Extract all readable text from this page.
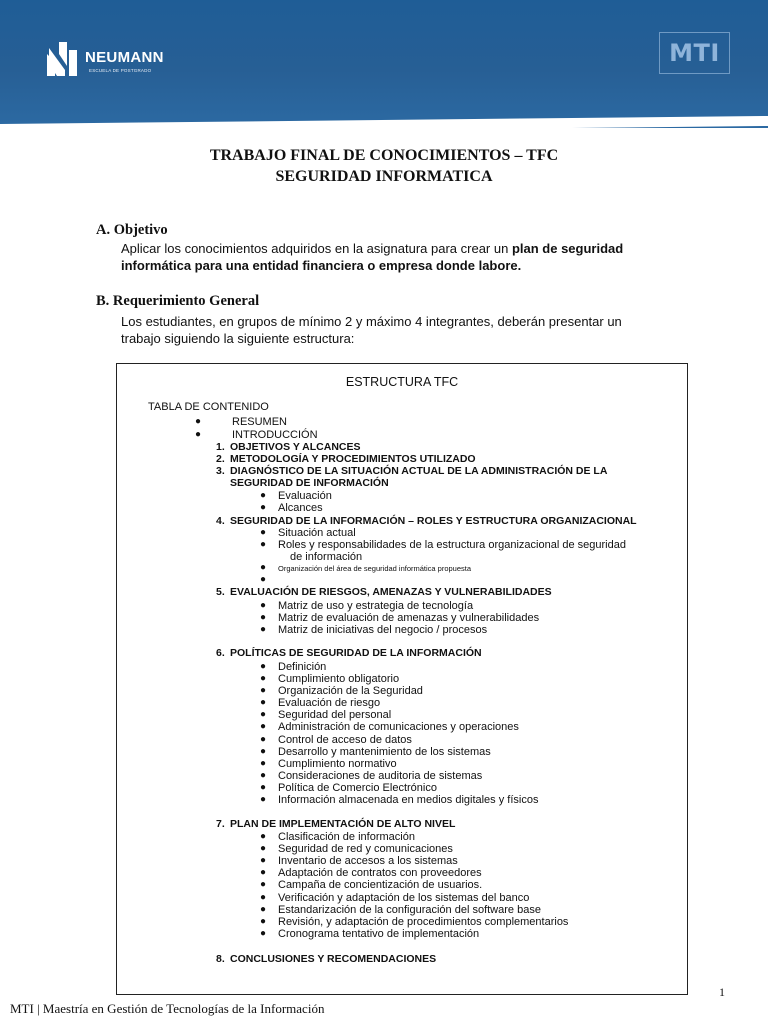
NEUMANN
ESCUELA DE POSTGRADO
MTI
TRABAJO FINAL DE CONOCIMIENTOS – TFC
SEGURIDAD INFORMATICA
A. Objetivo
Aplicar los conocimientos adquiridos en la asignatura para crear un plan de seguridad informática para una entidad financiera o empresa donde labore.
B. Requerimiento General
Los estudiantes, en grupos de mínimo 2 y máximo 4 integrantes, deberán presentar un trabajo siguiendo la siguiente estructura:
ESTRUCTURA TFC
TABLA DE CONTENIDO
●	RESUMEN
●	INTRODUCCIÓN
1. OBJETIVOS Y ALCANCES
2. METODOLOGÍA Y PROCEDIMIENTOS UTILIZADO
3. DIAGNÓSTICO DE LA SITUACIÓN ACTUAL DE LA ADMINISTRACIÓN DE LA
SEGURIDAD DE INFORMACIÓN
● Evaluación
● Alcances
4. SEGURIDAD DE LA INFORMACIÓN – ROLES Y ESTRUCTURA ORGANIZACIONAL
● Situación actual
● Roles y responsabilidades de la estructura organizacional de seguridad
de información
● Organización del área de seguridad informática propuesta
●
5. EVALUACIÓN DE RIESGOS, AMENAZAS Y VULNERABILIDADES
● Matriz de uso y estrategia de tecnología
● Matriz de evaluación de amenazas y vulnerabilidades
● Matriz de iniciativas del negocio / procesos
6. POLÍTICAS DE SEGURIDAD DE LA INFORMACIÓN
● Definición
● Cumplimiento obligatorio
● Organización de la Seguridad
● Evaluación de riesgo
● Seguridad del personal
● Administración de comunicaciones y operaciones
● Control de acceso de datos
● Desarrollo y mantenimiento de los sistemas
● Cumplimiento normativo
● Consideraciones de auditoria de sistemas
● Política de Comercio Electrónico
● Información almacenada en medios digitales y físicos
7. PLAN DE IMPLEMENTACIÓN DE ALTO NIVEL
● Clasificación de información
● Seguridad de red y comunicaciones
● Inventario de accesos a los sistemas
● Adaptación de contratos con proveedores
● Campaña de concientización de usuarios.
● Verificación y adaptación de los sistemas del banco
● Estandarización de la configuración del software base
● Revisión, y adaptación de procedimientos complementarios
● Cronograma tentativo de implementación
8. CONCLUSIONES Y RECOMENDACIONES
1
MTI | Maestría en Gestión de Tecnologías de la Información
